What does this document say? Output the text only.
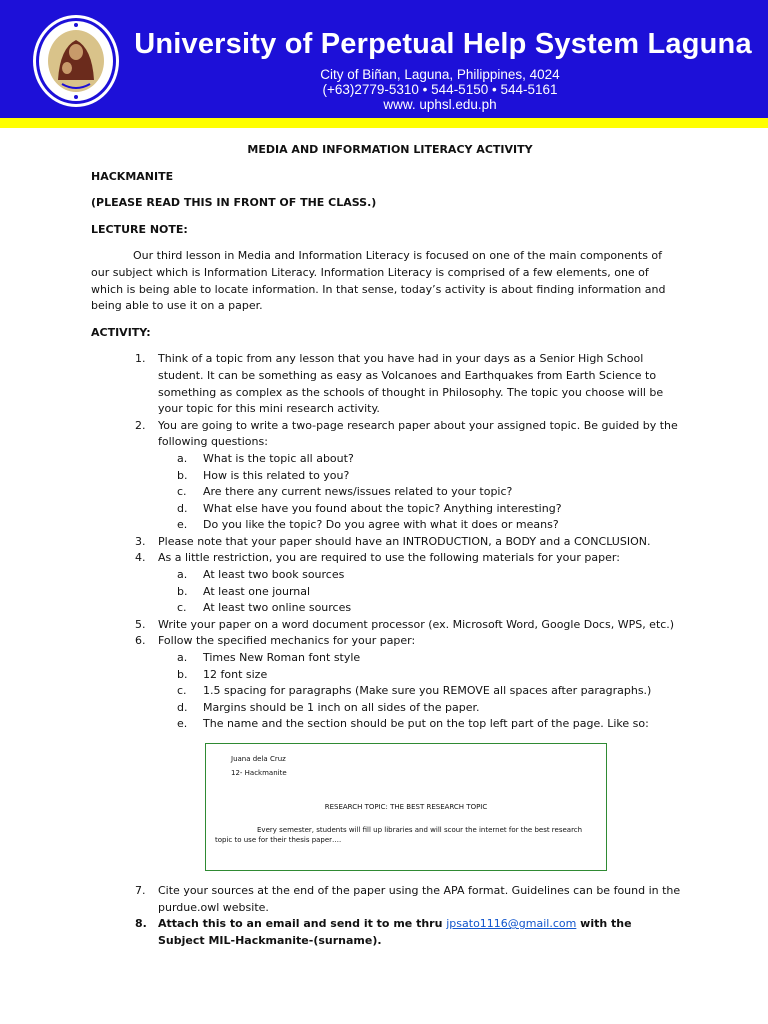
University of Perpetual Help System Laguna
City of Biñan, Laguna, Philippines, 4024
(+63)2779-5310 • 544-5150 • 544-5161
www. uphsl.edu.ph
MEDIA AND INFORMATION LITERACY ACTIVITY
HACKMANITE
(PLEASE READ THIS IN FRONT OF THE CLASS.)
LECTURE NOTE:
Our third lesson in Media and Information Literacy is focused on one of the main components of our subject which is Information Literacy. Information Literacy is comprised of a few elements, one of which is being able to locate information. In that sense, today’s activity is about finding information and being able to use it on a paper.
ACTIVITY:
1. Think of a topic from any lesson that you have had in your days as a Senior High School student. It can be something as easy as Volcanoes and Earthquakes from Earth Science to something as complex as the schools of thought in Philosophy. The topic you choose will be your topic for this mini research activity.
2. You are going to write a two-page research paper about your assigned topic. Be guided by the following questions:
a. What is the topic all about?
b. How is this related to you?
c. Are there any current news/issues related to your topic?
d. What else have you found about the topic? Anything interesting?
e. Do you like the topic? Do you agree with what it does or means?
3. Please note that your paper should have an INTRODUCTION, a BODY and a CONCLUSION.
4. As a little restriction, you are required to use the following materials for your paper:
a. At least two book sources
b. At least one journal
c. At least two online sources
5. Write your paper on a word document processor (ex. Microsoft Word, Google Docs, WPS, etc.)
6. Follow the specified mechanics for your paper:
a. Times New Roman font style
b. 12 font size
c. 1.5 spacing for paragraphs (Make sure you REMOVE all spaces after paragraphs.)
d. Margins should be 1 inch on all sides of the paper.
e. The name and the section should be put on the top left part of the page. Like so:
Juana dela Cruz
12- Hackmanite
RESEARCH TOPIC: THE BEST RESEARCH TOPIC
Every semester, students will fill up libraries and will scour the internet for the best research topic to use for their thesis paper….
7. Cite your sources at the end of the paper using the APA format. Guidelines can be found in the purdue.owl website.
8. Attach this to an email and send it to me thru jpsato1116@gmail.com with the Subject MIL-Hackmanite-(surname).
